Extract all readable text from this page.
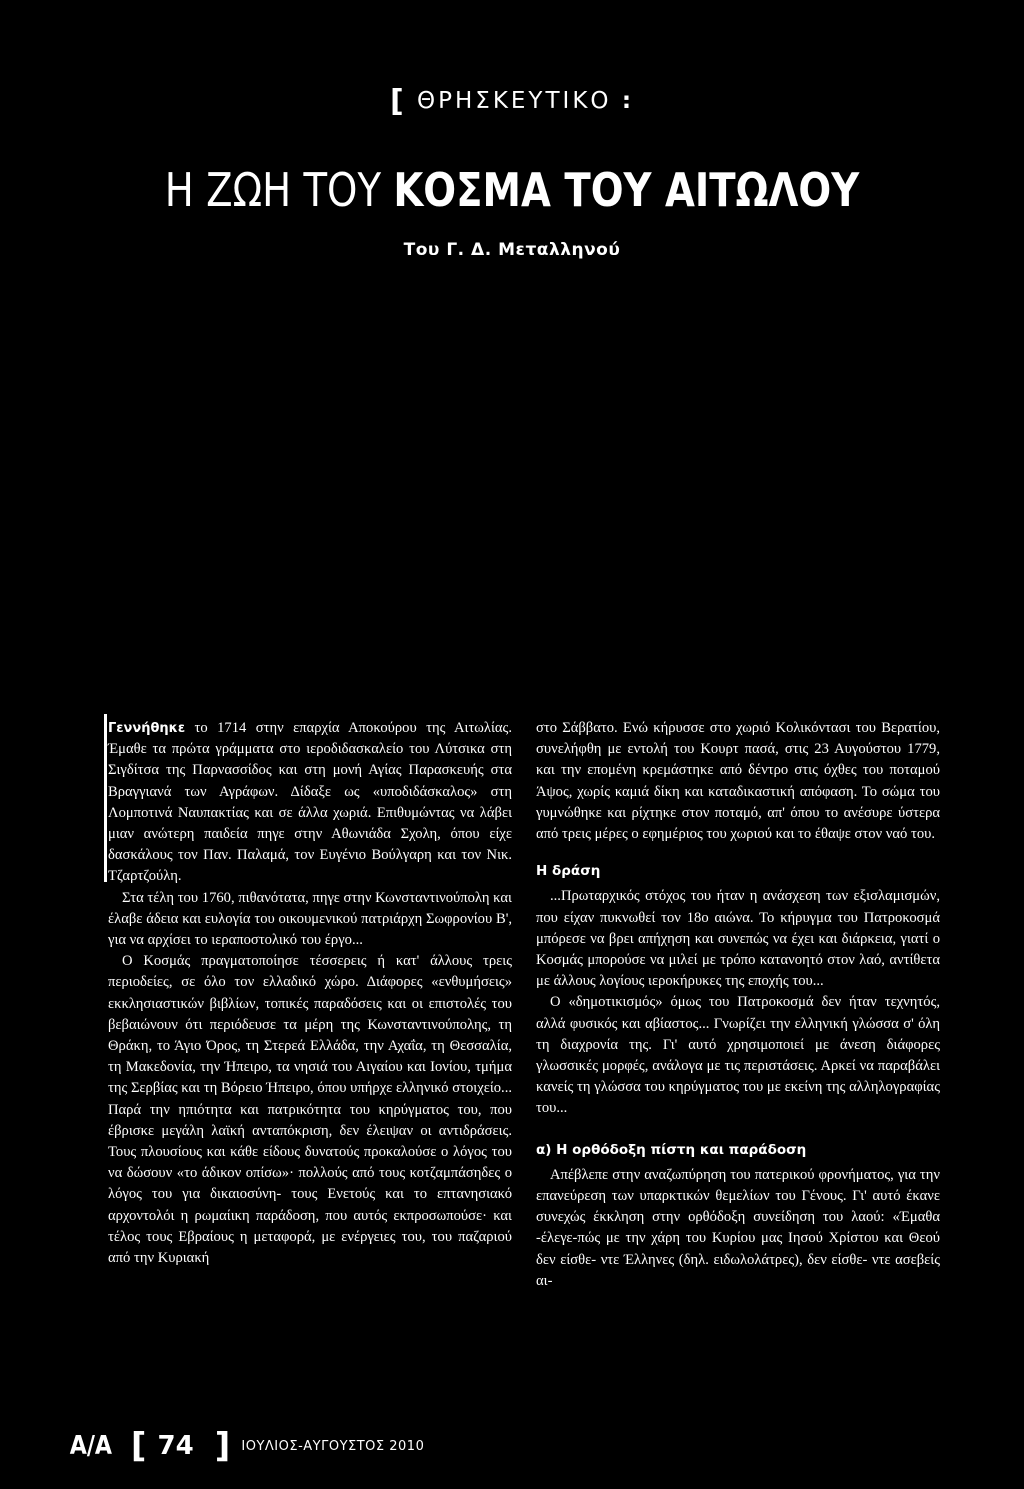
[ ΘΡΗΣΚΕΥΤΙΚΟ :
Η ΖΩΗ ΤΟΥ ΚΟΣΜΑ ΤΟΥ ΑΙΤΩΛΟΥ
Του Γ. Δ. Μεταλληνού

Γεννήθηκε το 1714 στην επαρχία Αποκούρου της Αιτωλίας. Έμαθε τα πρώτα γράμματα στο ιεροδιδασκαλείο του Λύτσικα στη Σιγδίτσα της Παρνασσίδος και στη μονή Αγίας Παρασκευής στα Βραγγιανά των Αγράφων. Δίδαξε ως «υποδιδάσκαλος» στη Λομποτινά Ναυπακτίας και σε άλλα χωριά. Επιθυμώντας να λάβει μιαν ανώτερη παιδεία πηγε στην Αθωνιάδα Σχολη, όπου είχε δασκάλους τον Παν. Παλαμά, τον Ευγένιο Βούλγαρη και τον Νικ. Τζαρτζούλη.

Στα τέλη του 1760, πιθανότατα, πηγε στην Κωνσταντινούπολη και έλαβε άδεια και ευλογία του οικουμενικού πατριάρχη Σωφρονίου Β', για να αρχίσει το ιεραποστολικό του έργο...

Ο Κοσμάς πραγματοποίησε τέσσερεις ή κατ' άλλους τρεις περιοδείες, σε όλο τον ελλαδικό χώρο. Διάφορες «ενθυμήσεις» εκκλησιαστικών βιβλίων, τοπικές παραδόσεις και οι επιστολές του βεβαιώνουν ότι περιόδευσε τα μέρη της Κωνσταντινούπολης, τη Θράκη, το Άγιο Όρος, τη Στερεά Ελλάδα, την Αχαΐα, τη Θεσσαλία, τη Μακεδονία, την Ήπειρο, τα νησιά του Αιγαίου και Ιονίου, τμήμα της Σερβίας και τη Βόρειο Ήπειρο, όπου υπήρχε ελληνικό στοιχείο... Παρά την ηπιότητα και πατρικότητα του κηρύγματος του, που έβρισκε μεγάλη λαϊκή ανταπόκριση, δεν έλειψαν οι αντιδράσεις. Τους πλουσίους και κάθε είδους δυνατούς προκαλούσε ο λόγος του να δώσουν «το άδικον οπίσω»· πολλούς από τους κοτζαμπάσηδες ο λόγος του για δικαιοσύνη- τους Ενετούς και το επτανησιακό αρχοντολόι η ρωμαίικη παράδοση, που αυτός εκπροσωπούσε· και τέλος τους Εβραίους η μεταφορά, με ενέργειες του, του παζαριού από την Κυριακή

στο Σάββατο. Ενώ κήρυσσε στο χωριό Κολικόντασι του Βερατίου, συνελήφθη με εντολή του Κουρτ πασά, στις 23 Αυγούστου 1779, και την επομένη κρεμάστηκε από δέντρο στις όχθες του ποταμού Άψος, χωρίς καμιά δίκη και καταδικαστική απόφαση. Το σώμα του γυμνώθηκε και ρίχτηκε στον ποταμό, απ' όπου το ανέσυρε ύστερα από τρεις μέρες ο εφημέριος του χωριού και το έθαψε στον ναό του.

Η δράση

...Πρωταρχικός στόχος του ήταν η ανάσχεση των εξισλαμισμών, που είχαν πυκνωθεί τον 18ο αιώνα. Το κήρυγμα του Πατροκοσμά μπόρεσε να βρει απήχηση και συνεπώς να έχει και διάρκεια, γιατί ο Κοσμάς μπορούσε να μιλεί με τρόπο κατανοητό στον λαό, αντίθετα με άλλους λογίους ιεροκήρυκες της εποχής του...

Ο «δημοτικισμός» όμως του Πατροκοσμά δεν ήταν τεχνητός, αλλά φυσικός και αβίαστος... Γνωρίζει την ελληνική γλώσσα σ' όλη τη διαχρονία της. Γι' αυτό χρησιμοποιεί με άνεση διάφορες γλωσσικές μορφές, ανάλογα με τις περιστάσεις. Αρκεί να παραβάλει κανείς τη γλώσσα του κηρύγματος του με εκείνη της αλληλογραφίας του...

α) Η ορθόδοξη πίστη και παράδοση

Απέβλεπε στην αναζωπύρηση του πατερικού φρονήματος, για την επανεύρεση των υπαρκτικών θεμελίων του Γένους. Γι' αυτό έκανε συνεχώς έκκληση στην ορθόδοξη συνείδηση του λαού: «Έμαθα -έλεγε-πώς με την χάρη του Κυρίου μας Ιησού Χρίστου και Θεού δεν είσθε- ντε Έλληνες (δηλ. ειδωλολάτρες), δεν είσθε- ντε ασεβείς αι-

Α/Α [ 74 ] ΙΟΥΛΙΟΣ-ΑΥΓΟΥΣΤΟΣ 2010
